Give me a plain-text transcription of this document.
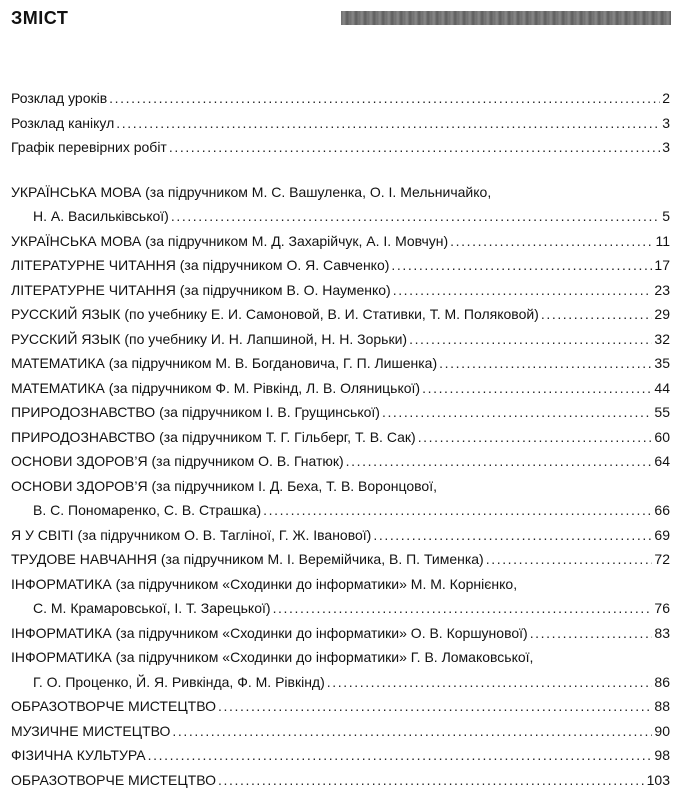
ЗМІСТ
Розклад уроків .....	2
Розклад канікул .....	3
Графік перевірних робіт .....	3
УКРАЇНСЬКА МОВА (за підручником М. С. Вашуленка, О. І. Мельничайко,
Н. А. Васильківської) .....	5
УКРАЇНСЬКА МОВА (за підручником М. Д. Захарійчук, А. І. Мовчун) .....	11
ЛІТЕРАТУРНЕ ЧИТАННЯ (за підручником О. Я. Савченко) .....	17
ЛІТЕРАТУРНЕ ЧИТАННЯ (за підручником В. О. Науменко) .....	23
РУССКИЙ ЯЗЫК (по учебнику Е. И. Самоновой, В. И. Стативки, Т. М. Поляковой) .....	29
РУССКИЙ ЯЗЫК (по учебнику И. Н. Лапшиной, Н. Н. Зорьки) .....	32
МАТЕМАТИКА (за підручником М. В. Богдановича, Г. П. Лишенка) .....	35
МАТЕМАТИКА (за підручником Ф. М. Рівкінд, Л. В. Оляницької) .....	44
ПРИРОДОЗНАВСТВО (за підручником І. В. Грущинської) .....	55
ПРИРОДОЗНАВСТВО (за підручником Т. Г. Гільберг, Т. В. Сак) .....	60
ОСНОВИ ЗДОРОВ’Я (за підручником О. В. Гнатюк) .....	64
ОСНОВИ ЗДОРОВ’Я (за підручником І. Д. Беха, Т. В. Воронцової,
В. С. Пономаренко, С. В. Страшка) .....	66
Я У СВІТІ (за підручником О. В. Тагліної, Г. Ж. Іванової) .....	69
ТРУДОВЕ НАВЧАННЯ (за підручником М. І. Веремійчика, В. П. Тименка) .....	72
ІНФОРМАТИКА (за підручником «Сходинки до інформатики» М. М. Корнієнко,
С. М. Крамаровської, І. Т. Зарецької) .....	76
ІНФОРМАТИКА (за підручником «Сходинки до інформатики» О. В. Коршунової) .....	83
ІНФОРМАТИКА (за підручником «Сходинки до інформатики» Г. В. Ломаковської,
Г. О. Проценко, Й. Я. Ривкінда, Ф. М. Рівкінд) .....	86
ОБРАЗОТВОРЧЕ МИСТЕЦТВО .....	88
МУЗИЧНЕ МИСТЕЦТВО .....	90
ФІЗИЧНА КУЛЬТУРА .....	98
ОБРАЗОТВОРЧЕ МИСТЕЦТВО .....	103
